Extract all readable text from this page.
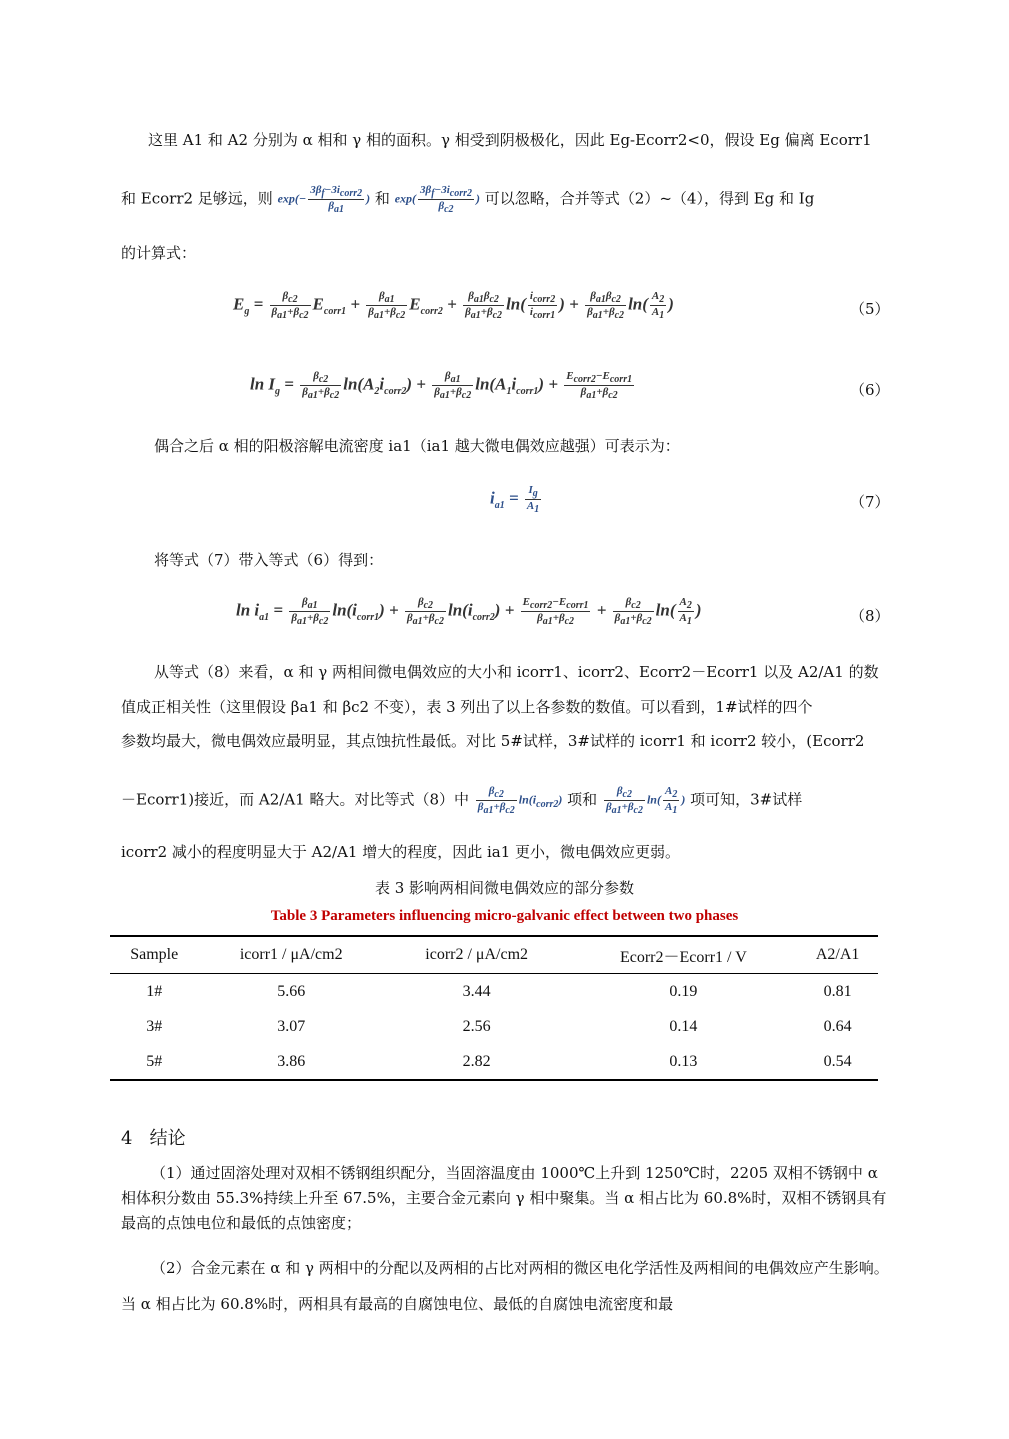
这里 A1 和 A2 分别为 α 相和 γ 相的面积。γ 相受到阴极极化，因此 Eg-Ecorr2<0，假设 Eg 偏离 Ecorr1
和 Ecorr2 足够远，则 $\exp(- \frac{3\beta_f-3i_{corr2}}{\beta_{a1}}$ ) 和 $\exp( \frac{3\beta_f-3i_{corr2}}{\beta_{c2}}$ ) 可以忽略，合并等式（2）~（4），得到 Eg 和 Ig
的计算式：
$E_g = \frac{\beta_{c2}}{\beta_{a1}+\beta_{c2}} E_{corr1} + \frac{\beta_{a1}}{\beta_{a1}+\beta_{c2}} E_{corr2} + \frac{\beta_{a1}\beta_{c2}}{\beta_{a1}+\beta_{c2}} \ln( \frac{i_{corr2}}{i_{corr1}}$ ) + $\frac{\beta_{a1}\beta_{c2}}{\beta_{a1}+\beta_{c2}} \ln( \frac{A_2}{A_1}$ )	（5）
$\ln I_g = \frac{\beta_{c2}}{\beta_{a1}+\beta_{c2}} \ln(A_2i_{corr2}) + \frac{\beta_{a1}}{\beta_{a1}+\beta_{c2}} \ln(A_1i_{corr1}) + \frac{E_{corr2}-E_{corr1}}{\beta_{a1}+\beta_{c2}}$	（6）
偶合之后 α 相的阳极溶解电流密度 ia1（ia1 越大微电偶效应越强）可表示为：
$i_{a1} = \frac{I_g}{A_1}$	（7）
将等式（7）带入等式（6）得到：
$\ln i_{a1} = \frac{\beta_{a1}}{\beta_{a1}+\beta_{c2}} \ln(i_{corr1}) + \frac{\beta_{c2}}{\beta_{a1}+\beta_{c2}} \ln(i_{corr2}) + \frac{E_{corr2}-E_{corr1}}{\beta_{a1}+\beta_{c2}} + \frac{\beta_{c2}}{\beta_{a1}+\beta_{c2}} \ln( \frac{A_2}{A_1}$ )	（8）
从等式（8）来看，α 和 γ 两相间微电偶效应的大小和 icorr1、icorr2、Ecorr2－Ecorr1 以及 A2/A1 的数
值成正相关性（这里假设 βa1 和 βc2 不变），表 3 列出了以上各参数的数值。可以看到，1#试样的四个
参数均最大，微电偶效应最明显，其点蚀抗性最低。对比 5#试样，3#试样的 icorr1 和 icorr2 较小，(Ecorr2
－Ecorr1)接近，而 A2/A1 略大。对比等式（8）中 $\frac{\beta_{c2}}{\beta_{a1}+\beta_{c2}} \ln(i_{corr2})$ 项和 $\frac{\beta_{c2}}{\beta_{a1}+\beta_{c2}} \ln( \frac{A_2}{A_1}$ ) 项可知，3#试样
icorr2 减小的程度明显大于 A2/A1 增大的程度，因此 ia1 更小，微电偶效应更弱。
表 3 影响两相间微电偶效应的部分参数
Table 3 Parameters influencing micro-galvanic effect between two phases
Sample	icorr1 / μA/cm2	icorr2 / μA/cm2	Ecorr2－Ecorr1 / V	A2/A1
1#	5.66	3.44	0.19	0.81
3#	3.07	2.56	0.14	0.64
5#	3.86	2.82	0.13	0.54
4 结论
（1）通过固溶处理对双相不锈钢组织配分，当固溶温度由 1000℃上升到 1250℃时，2205 双相不锈钢中 α 相体积分数由 55.3%持续上升至 67.5%，主要合金元素向 γ 相中聚集。当 α 相占比为 60.8%时，双相不锈钢具有最高的点蚀电位和最低的点蚀密度；
（2）合金元素在 α 和 γ 两相中的分配以及两相的占比对两相的微区电化学活性及两相间的电偶效应产生影响。当 α 相占比为 60.8%时，两相具有最高的自腐蚀电位、最低的自腐蚀电流密度和最
